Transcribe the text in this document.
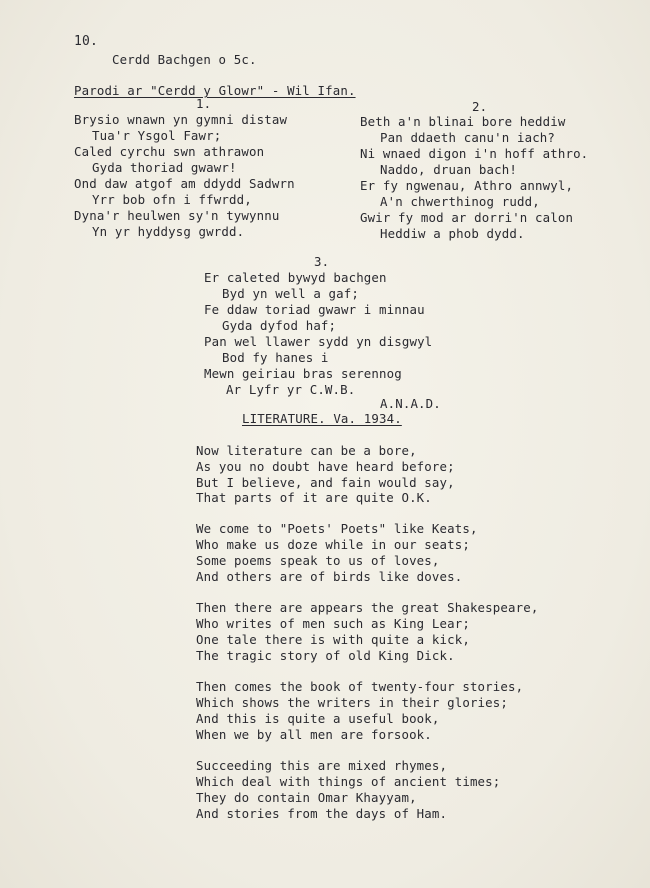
10.
Cerdd Bachgen o 5c.
Parodi ar "Cerdd y Glowr" - Wil Ifan.
1.
Brysio wnawn yn gymni distaw
Tua'r Ysgol Fawr;
Caled cyrchu swn athrawon
Gyda thoriad gwawr!
Ond daw atgof am ddydd Sadwrn
Yrr bob ofn i ffwrdd,
Dyna'r heulwen sy'n tywynnu
Yn yr hyddysg gwrdd.
2.
Beth a'n blinai bore heddiw
Pan ddaeth canu'n iach?
Ni wnaed digon i'n hoff athro.
Naddo, druan bach!
Er fy ngwenau, Athro annwyl,
A'n chwerthinog rudd,
Gwir fy mod ar dorri'n calon
Heddiw a phob dydd.
3.
Er caleted bywyd bachgen
Byd yn well a gaf;
Fe ddaw toriad gwawr i minnau
Gyda dyfod haf;
Pan wel llawer sydd yn disgwyl
Bod fy hanes i
Mewn geiriau bras serennog
Ar Lyfr yr C.W.B.
A.N.A.D.
LITERATURE. Va. 1934.
Now literature can be a bore,
As you no doubt have heard before;
But I believe, and fain would say,
That parts of it are quite O.K.
We come to "Poets' Poets" like Keats,
Who make us doze while in our seats;
Some poems speak to us of loves,
And others are of birds like doves.
Then there are appears the great Shakespeare,
Who writes of men such as King Lear;
One tale there is with quite a kick,
The tragic story of old King Dick.
Then comes the book of twenty-four stories,
Which shows the writers in their glories;
And this is quite a useful book,
When we by all men are forsook.
Succeeding this are mixed rhymes,
Which deal with things of ancient times;
They do contain Omar Khayyam,
And stories from the days of Ham.
